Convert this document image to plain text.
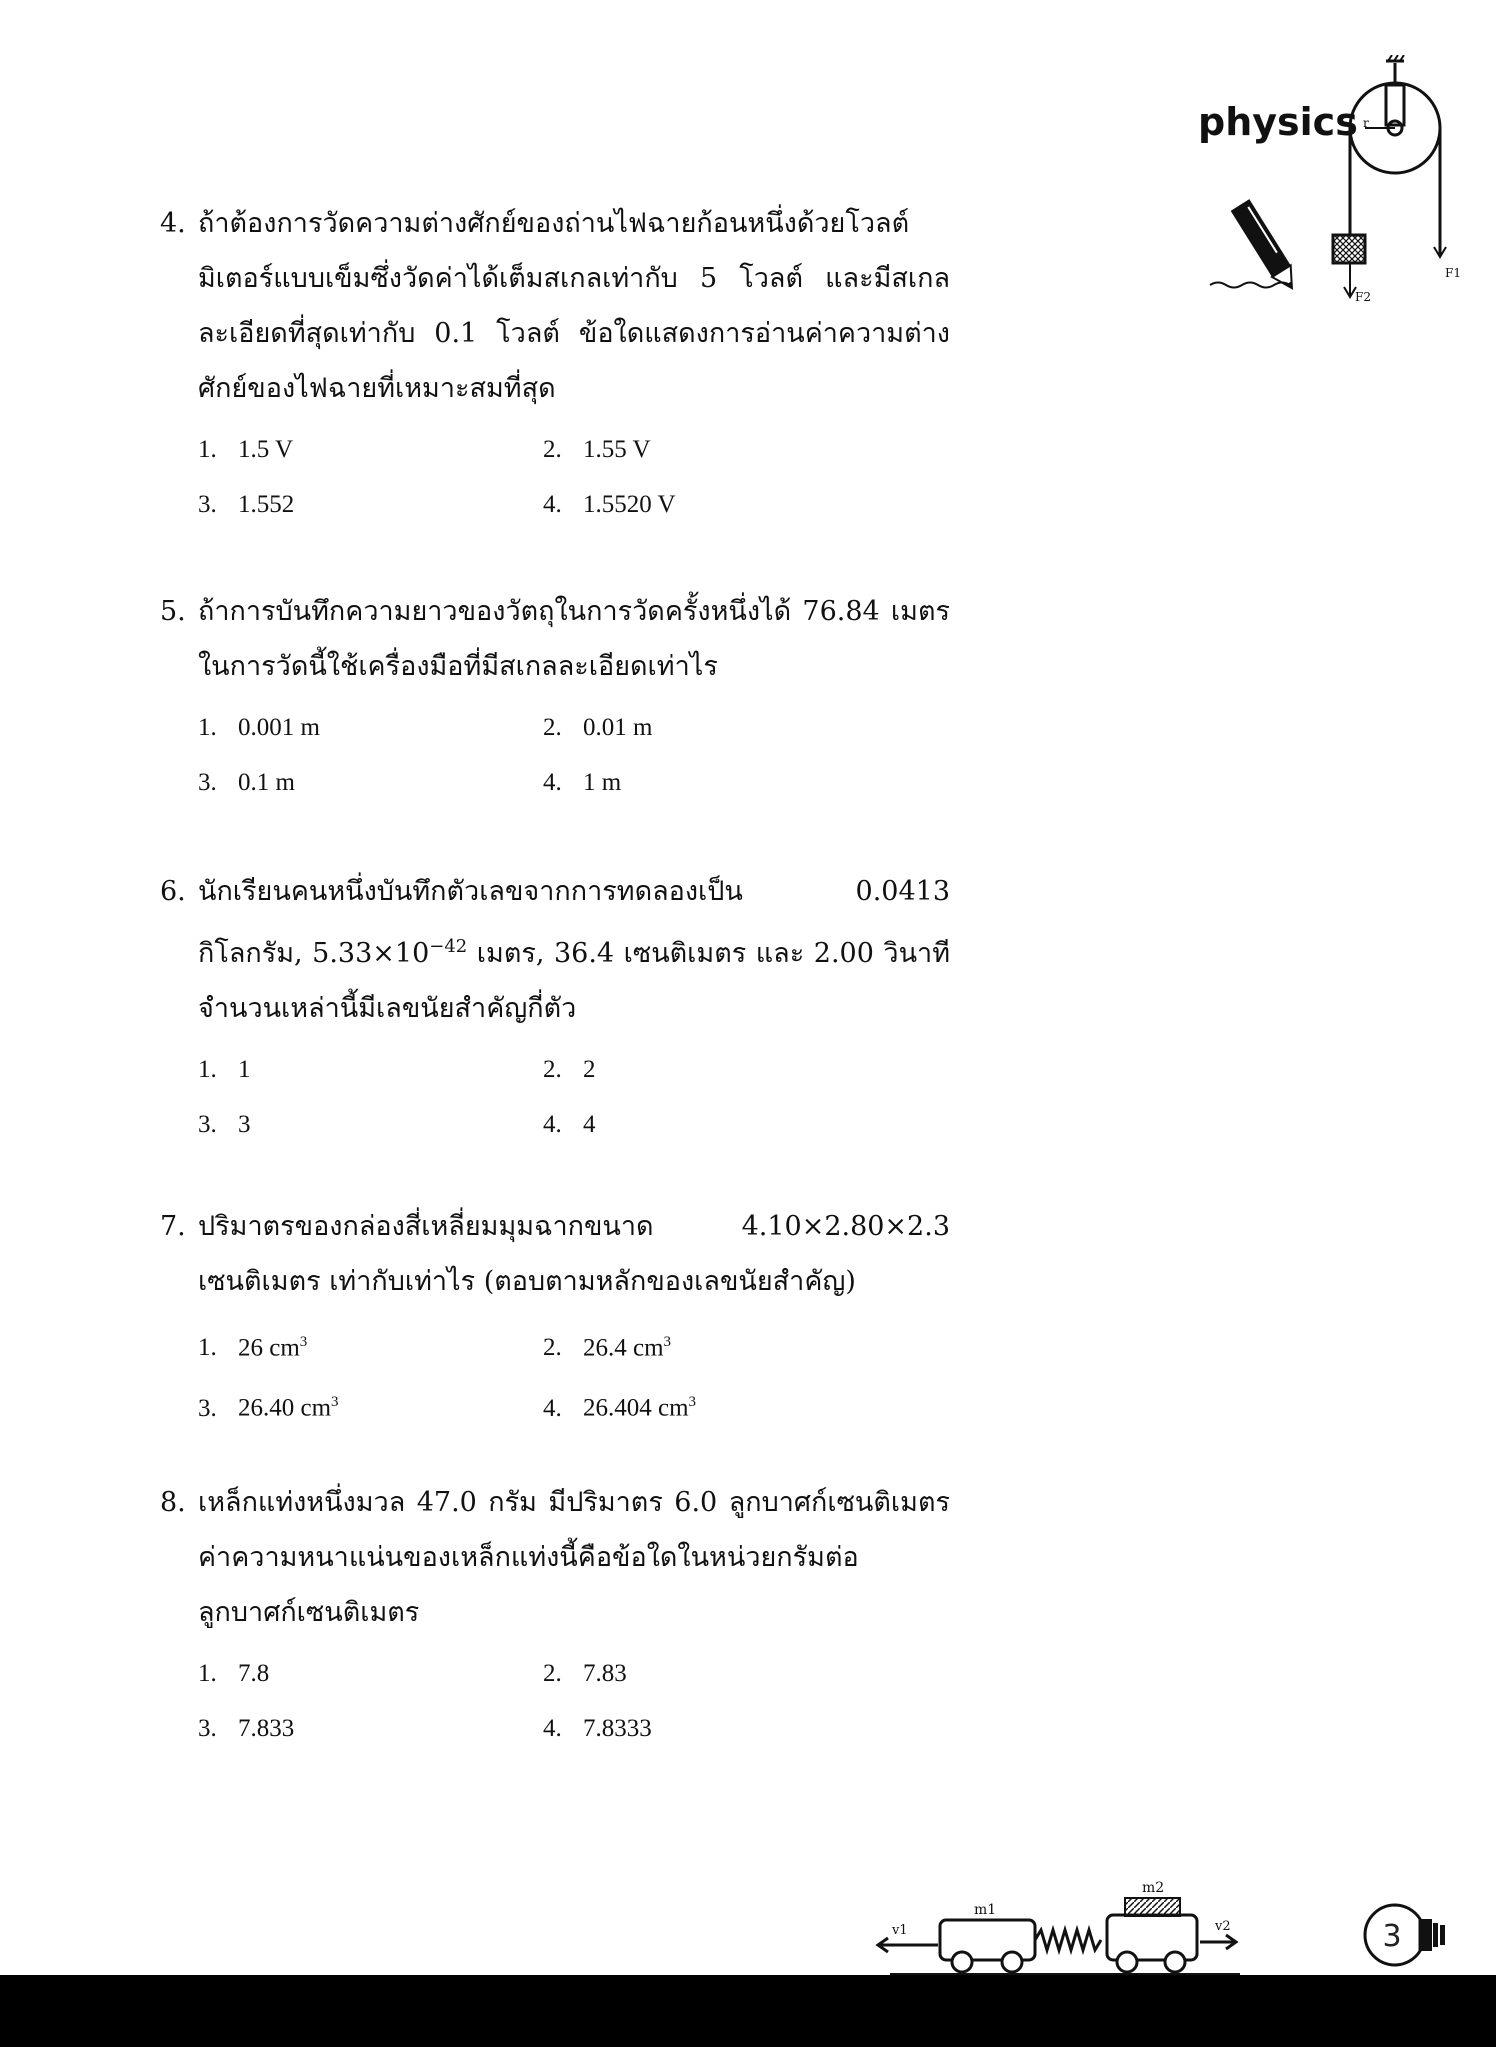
physics r
F2
F1
4. ถ้าต้องการวัดความต่างศักย์ของถ่านไฟฉายก้อนหนึ่งด้วยโวลต์มิเตอร์แบบเข็มซึ่งวัดค่าได้เต็มสเกลเท่ากับ 5 โวลต์ และมีสเกลละเอียดที่สุดเท่ากับ 0.1 โวลต์ ข้อใดแสดงการอ่านค่าความต่างศักย์ของไฟฉายที่เหมาะสมที่สุด
1. 1.5 V	2. 1.55 V
3. 1.552	4. 1.5520 V
5. ถ้าการบันทึกความยาวของวัตถุในการวัดครั้งหนึ่งได้ 76.84 เมตร ในการวัดนี้ใช้เครื่องมือที่มีสเกลละเอียดเท่าไร
1. 0.001 m	2. 0.01 m
3. 0.1 m	4. 1 m
6. นักเรียนคนหนึ่งบันทึกตัวเลขจากการทดลองเป็น 0.0413 กิโลกรัม, $5.33\times 10^{-42}$ เมตร, 36.4 เซนติเมตร และ 2.00 วินาที จำนวนเหล่านี้มีเลขนัยสำคัญกี่ตัว
1. 1	2. 2
3. 3	4. 4
7. ปริมาตรของกล่องสี่เหลี่ยมมุมฉากขนาด 4.10×2.80×2.3 เซนติเมตร เท่ากับเท่าไร (ตอบตามหลักของเลขนัยสำคัญ)
1. 26 $cm^3$	2. 26.4 $cm^3$
3. 26.40 $cm^3$	4. 26.404 $cm^3$
8. เหล็กแท่งหนึ่งมวล 47.0 กรัม มีปริมาตร 6.0 ลูกบาศก์เซนติเมตร ค่าความหนาแน่นของเหล็กแท่งนี้คือข้อใดในหน่วยกรัมต่อลูกบาศก์เซนติเมตร
1. 7.8	2. 7.83
3. 7.833	4. 7.8333
m1
m2
v1	v2	3
